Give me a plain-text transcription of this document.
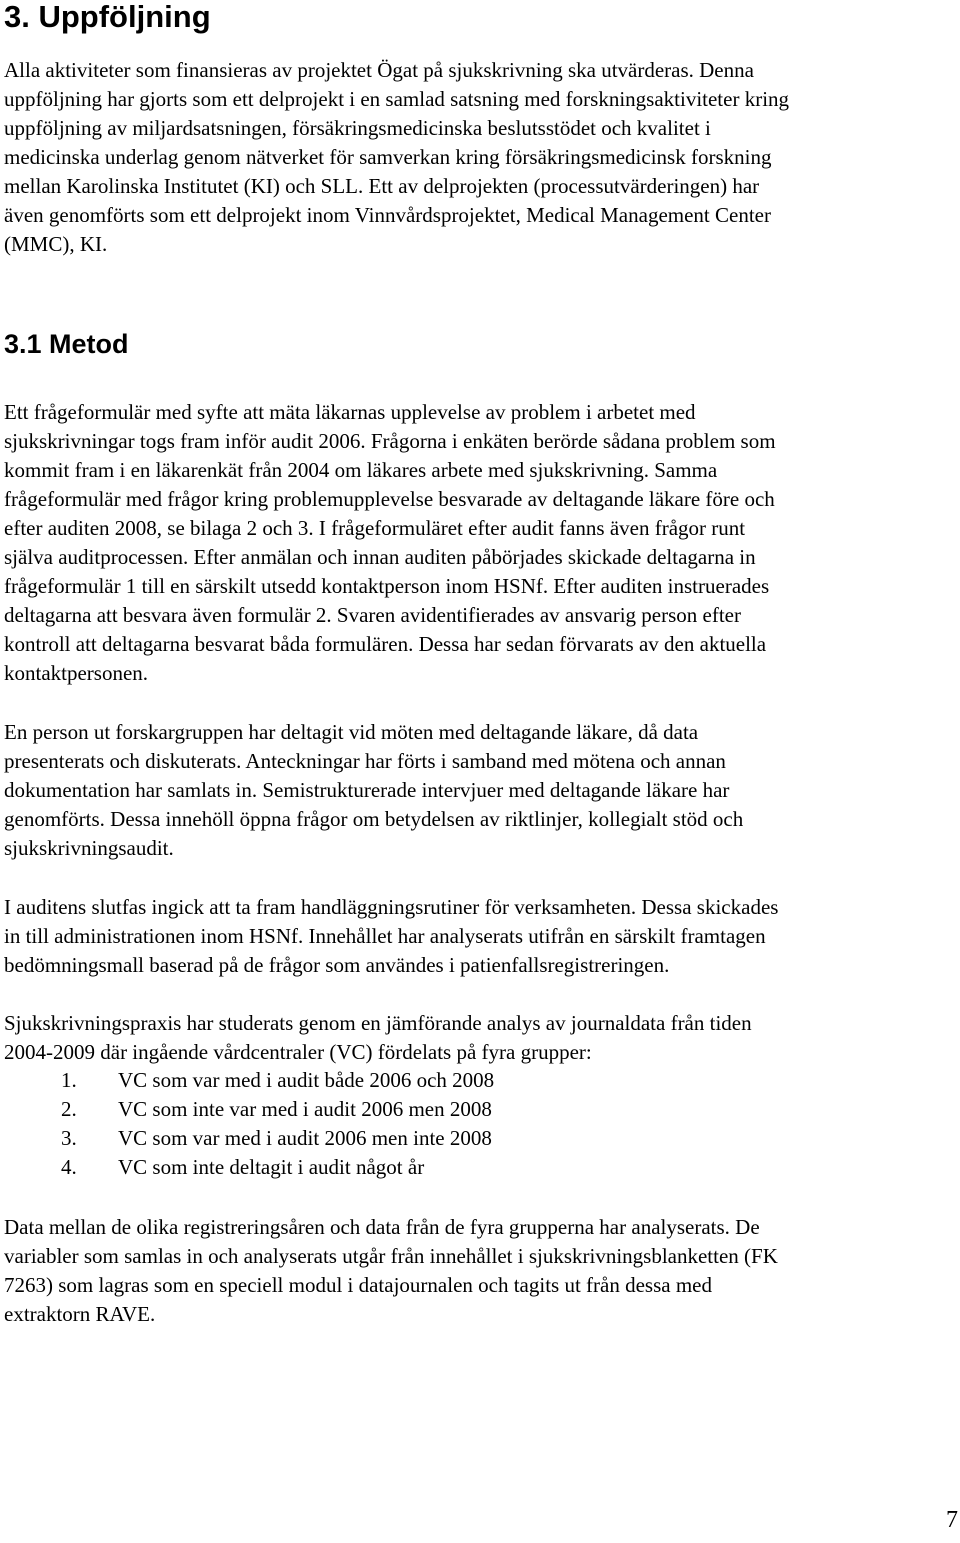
3. Uppföljning

Alla aktiviteter som finansieras av projektet Ögat på sjukskrivning ska utvärderas. Denna
uppföljning har gjorts som ett delprojekt i en samlad satsning med forskningsaktiviteter kring
uppföljning av miljardsatsningen, försäkringsmedicinska beslutsstödet och kvalitet i
medicinska underlag genom nätverket för samverkan kring försäkringsmedicinsk forskning
mellan Karolinska Institutet (KI) och SLL. Ett av delprojekten (processutvärderingen) har
även genomförts som ett delprojekt inom Vinnvårdsprojektet, Medical Management Center
(MMC), KI.

3.1 Metod

Ett frågeformulär med syfte att mäta läkarnas upplevelse av problem i arbetet med
sjukskrivningar togs fram inför audit 2006. Frågorna i enkäten berörde sådana problem som
kommit fram i en läkarenkät från 2004 om läkares arbete med sjukskrivning. Samma
frågeformulär med frågor kring problemupplevelse besvarade av deltagande läkare före och
efter auditen 2008, se bilaga 2 och 3. I frågeformuläret efter audit fanns även frågor runt
själva auditprocessen. Efter anmälan och innan auditen påbörjades skickade deltagarna in
frågeformulär 1 till en särskilt utsedd kontaktperson inom HSNf. Efter auditen instruerades
deltagarna att besvara även formulär 2. Svaren avidentifierades av ansvarig person efter
kontroll att deltagarna besvarat båda formulären. Dessa har sedan förvarats av den aktuella
kontaktpersonen.

En person ut forskargruppen har deltagit vid möten med deltagande läkare, då data
presenterats och diskuterats. Anteckningar har förts i samband med mötena och annan
dokumentation har samlats in. Semistrukturerade intervjuer med deltagande läkare har
genomförts. Dessa innehöll öppna frågor om betydelsen av riktlinjer, kollegialt stöd och
sjukskrivningsaudit.

I auditens slutfas ingick att ta fram handläggningsrutiner för verksamheten. Dessa skickades
in till administrationen inom HSNf. Innehållet har analyserats utifrån en särskilt framtagen
bedömningsmall baserad på de frågor som användes i patienfallsregistreringen.

Sjukskrivningspraxis har studerats genom en jämförande analys av journaldata från tiden
2004-2009 där ingående vårdcentraler (VC) fördelats på fyra grupper:

1. VC som var med i audit både 2006 och 2008
2. VC som inte var med i audit 2006 men 2008
3. VC som var med i audit 2006 men inte 2008
4. VC som inte deltagit i audit något år

Data mellan de olika registreringsåren och data från de fyra grupperna har analyserats. De
variabler som samlas in och analyserats utgår från innehållet i sjukskrivningsblanketten (FK
7263) som lagras som en speciell modul i datajournalen och tagits ut från dessa med
extraktorn RAVE.

7
